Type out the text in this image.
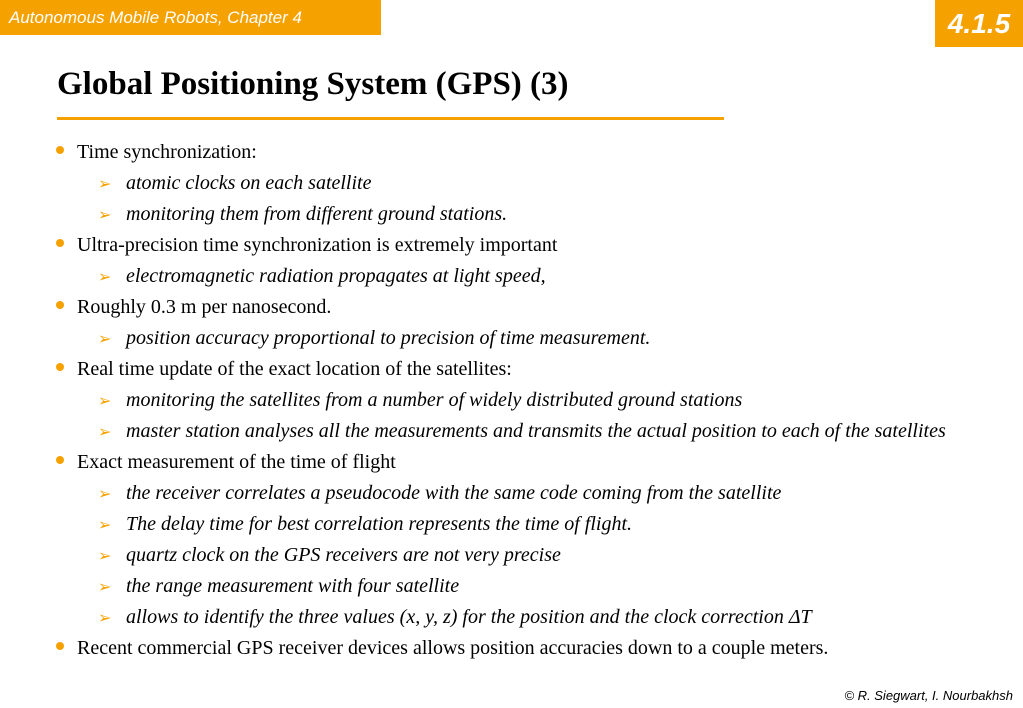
Autonomous Mobile Robots, Chapter 4	4.1.5
Global Positioning System (GPS) (3)
Time synchronization:
➢ atomic clocks on each satellite
➢ monitoring them from different ground stations.
Ultra-precision time synchronization is extremely important
➢ electromagnetic radiation propagates at light speed,
Roughly 0.3 m per nanosecond.
➢ position accuracy proportional to precision of time measurement.
Real time update of the exact location of the satellites:
➢ monitoring the satellites from a number of widely distributed ground stations
➢ master station analyses all the measurements and transmits the actual position to each of the satellites
Exact measurement of the time of flight
➢ the receiver correlates a pseudocode with the same code coming from the satellite
➢ The delay time for best correlation represents the time of flight.
➢ quartz clock on the GPS receivers are not very precise
➢ the range measurement with four satellite
➢ allows to identify the three values (x, y, z) for the position and the clock correction ΔT
Recent commercial GPS receiver devices allows position accuracies down to a couple meters.
© R. Siegwart, I. Nourbakhsh
